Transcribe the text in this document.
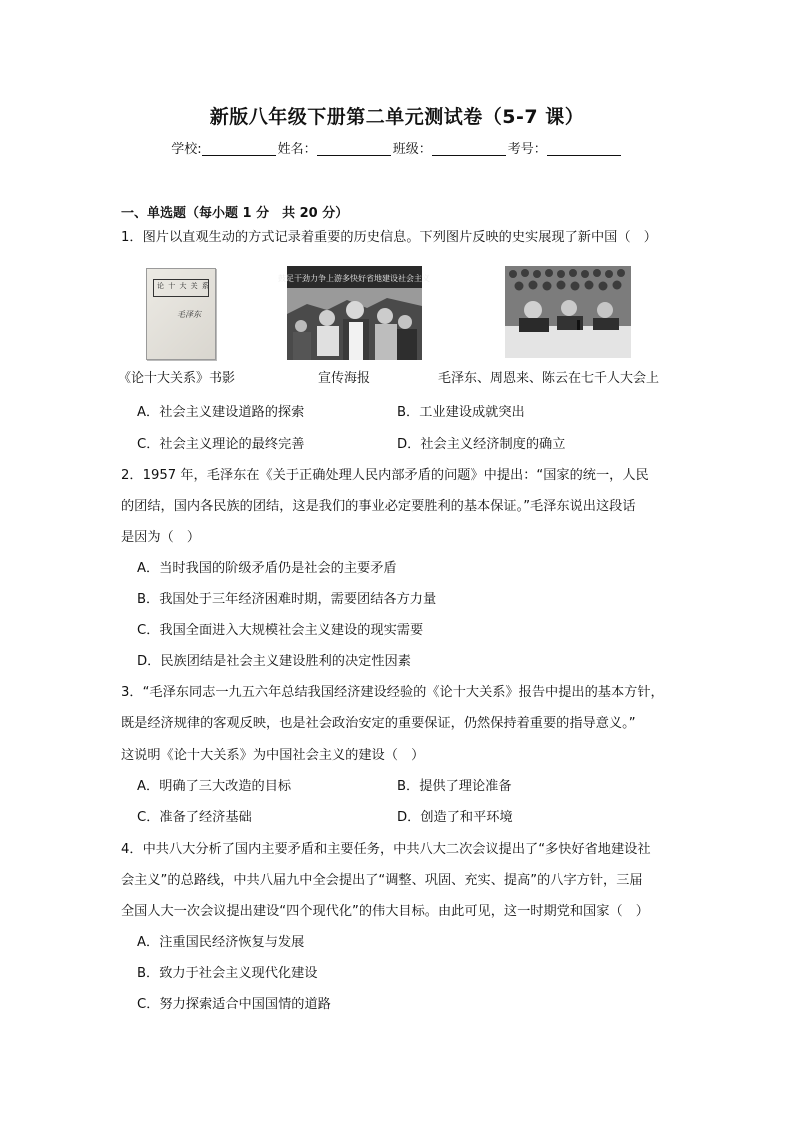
新版八年级下册第二单元测试卷（5-7 课）
学校:	姓名：	班级：	考号：
一、单选题（每小题 1 分　共 20 分）
1．图片以直观生动的方式记录着重要的历史信息。下列图片反映的史实展现了新中国（　）
论 十 大 关 系
毛泽东
《论十大关系》书影
鼓足干劲力争上游多快好省地建设社会主义
宣传海报	毛泽东、周恩来、陈云在七千人大会上
A．社会主义建设道路的探索	B．工业建设成就突出
C．社会主义理论的最终完善	D．社会主义经济制度的确立
2．1957 年，毛泽东在《关于正确处理人民内部矛盾的问题》中提出：“国家的统一，人民
的团结，国内各民族的团结，这是我们的事业必定要胜利的基本保证。”毛泽东说出这段话
是因为（　）
A．当时我国的阶级矛盾仍是社会的主要矛盾
B．我国处于三年经济困难时期，需要团结各方力量
C．我国全面进入大规模社会主义建设的现实需要
D．民族团结是社会主义建设胜利的决定性因素
3．“毛泽东同志一九五六年总结我国经济建设经验的《论十大关系》报告中提出的基本方针，
既是经济规律的客观反映，也是社会政治安定的重要保证，仍然保持着重要的指导意义。”
这说明《论十大关系》为中国社会主义的建设（　）
A．明确了三大改造的目标	B．提供了理论准备
C．准备了经济基础	D．创造了和平环境
4．中共八大分析了国内主要矛盾和主要任务，中共八大二次会议提出了“多快好省地建设社
会主义”的总路线，中共八届九中全会提出了“调整、巩固、充实、提高”的八字方针，三届
全国人大一次会议提出建设“四个现代化”的伟大目标。由此可见，这一时期党和国家（　）
A．注重国民经济恢复与发展
B．致力于社会主义现代化建设
C．努力探索适合中国国情的道路
